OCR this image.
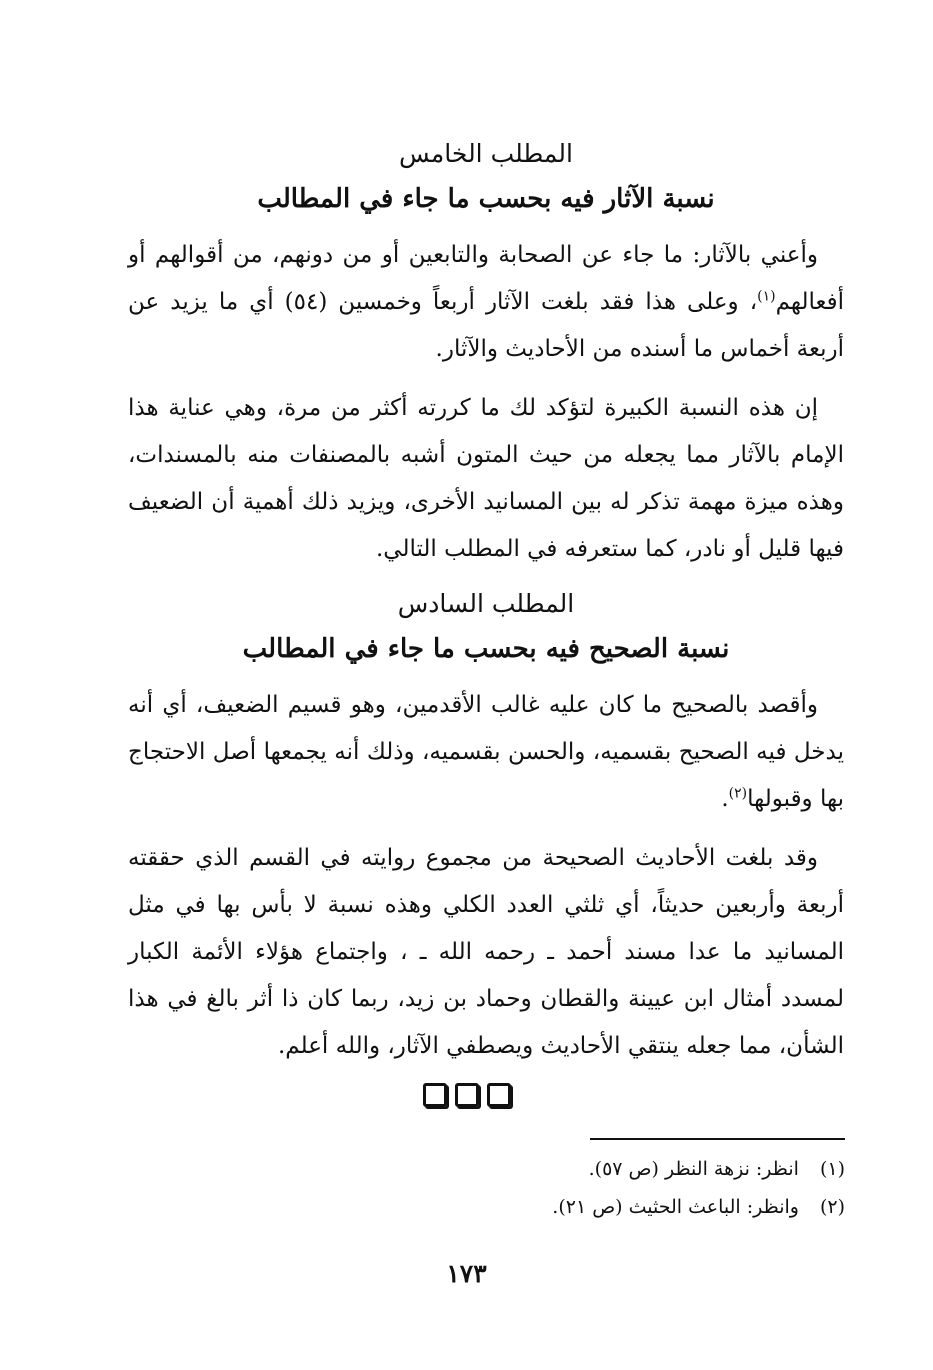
المطلب الخامس
نسبة الآثار فيه بحسب ما جاء في المطالب

وأعني بالآثار: ما جاء عن الصحابة والتابعين أو من دونهم، من أقوالهم أو أفعالهم$^{(١)}$، وعلى هذا فقد بلغت الآثار أربعاً وخمسين (٥٤) أي ما يزيد عن أربعة أخماس ما أسنده من الأحاديث والآثار.

إن هذه النسبة الكبيرة لتؤكد لك ما كررته أكثر من مرة، وهي عناية هذا الإمام بالآثار مما يجعله من حيث المتون أشبه بالمصنفات منه بالمسندات، وهذه ميزة مهمة تذكر له بين المسانيد الأخرى، ويزيد ذلك أهمية أن الضعيف فيها قليل أو نادر، كما ستعرفه في المطلب التالي.

المطلب السادس
نسبة الصحيح فيه بحسب ما جاء في المطالب

وأقصد بالصحيح ما كان عليه غالب الأقدمين، وهو قسيم الضعيف، أي أنه يدخل فيه الصحيح بقسميه، والحسن بقسميه، وذلك أنه يجمعها أصل الاحتجاج بها وقبولها$^{(٢)}$.

وقد بلغت الأحاديث الصحيحة من مجموع روايته في القسم الذي حققته أربعة وأربعين حديثاً، أي ثلثي العدد الكلي وهذه نسبة لا بأس بها في مثل المسانيد ما عدا مسند أحمد ـ رحمه الله ـ ، واجتماع هؤلاء الأئمة الكبار لمسدد أمثال ابن عيينة والقطان وحماد بن زيد، ربما كان ذا أثر بالغ في هذا الشأن، مما جعله ينتقي الأحاديث ويصطفي الآثار، والله أعلم.

(١) انظر: نزهة النظر (ص ٥٧).

(٢) وانظر: الباعث الحثيث (ص ٢١).

١٧٣
